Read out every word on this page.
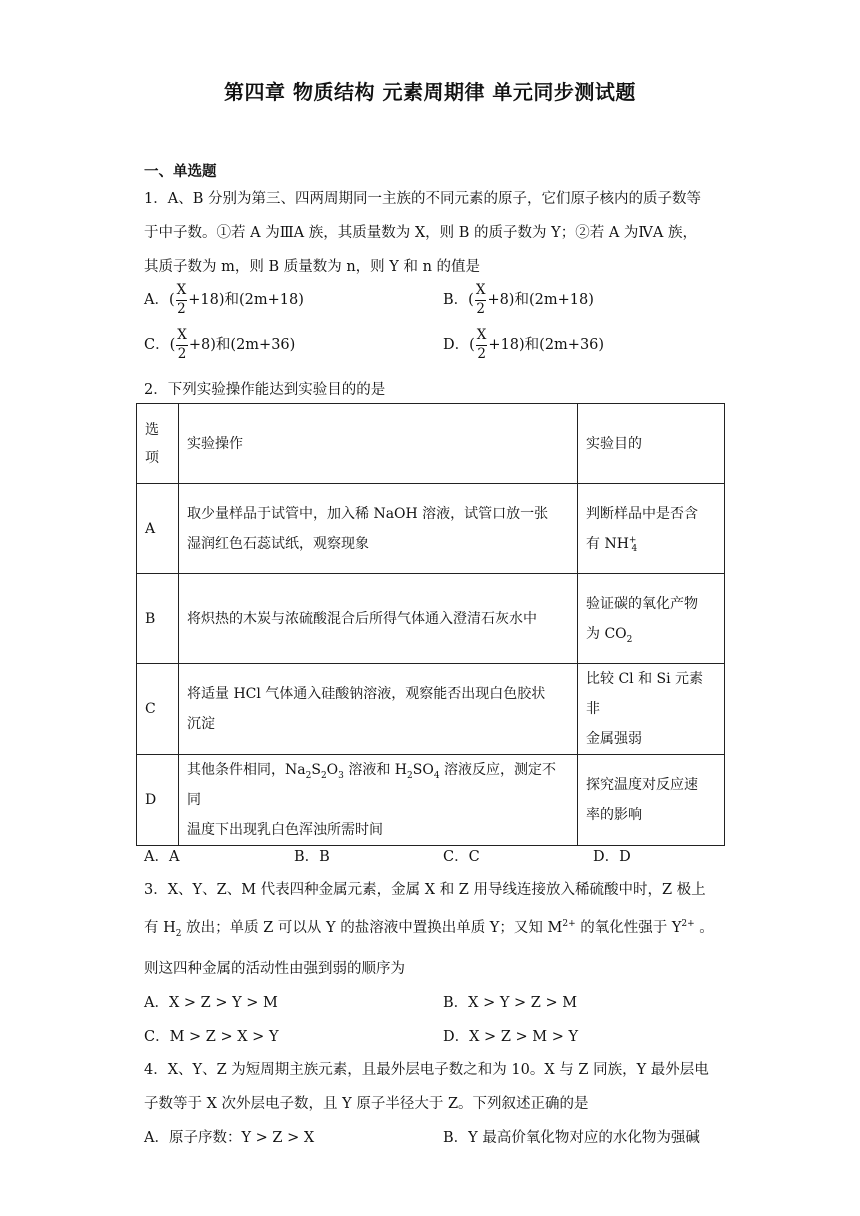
第四章 物质结构 元素周期律 单元同步测试题
一、单选题
1．A、B 分别为第三、四两周期同一主族的不同元素的原子，它们原子核内的质子数等
于中子数。①若 A 为ⅢA 族，其质量数为 X，则 B 的质子数为 Y；②若 A 为ⅣA 族，
其质子数为 m，则 B 质量数为 n，则 Y 和 n 的值是
A．( $\frac{X}{2} +18$)和(2m+18)	B．( $\frac{X}{2} +8$)和(2m+18)
C．( $\frac{X}{2} +8$)和(2m+36)	D．( $\frac{X}{2} +18$)和(2m+36)
2．下列实验操作能达到实验目的的是
选
项	实验操作	实验目的
A	取少量样品于试管中，加入稀 NaOH 溶液，试管口放一张
湿润红色石蕊试纸，观察现象	判断样品中是否含
有 $NH^+_4$
B	将炽热的木炭与浓硫酸混合后所得气体通入澄清石灰水中	验证碳的氧化产物
为 $CO_2$
C	将适量 HCl 气体通入硅酸钠溶液，观察能否出现白色胶状
沉淀	比较 Cl 和 Si 元素非
金属强弱
D	其他条件相同，$Na_2S_2O_3$ 溶液和 $H_2SO_4$ 溶液反应，测定不同
温度下出现乳白色浑浊所需时间	探究温度对反应速
率的影响
A．A	B．B	C．C	D．D
3．X、Y、Z、M 代表四种金属元素，金属 X 和 Z 用导线连接放入稀硫酸中时，Z 极上
有 $H_2$ 放出；单质 Z 可以从 Y 的盐溶液中置换出单质 Y；又知 $M^{2+}$ 的氧化性强于 $Y^{2+}$ 。
则这四种金属的活动性由强到弱的顺序为
A．X > Z > Y > M	B．X > Y > Z > M
C．M > Z > X > Y	D．X > Z > M > Y
4．X、Y、Z 为短周期主族元素，且最外层电子数之和为 10。X 与 Z 同族，Y 最外层电
子数等于 X 次外层电子数，且 Y 原子半径大于 Z。下列叙述正确的是
A．原子序数：Y > Z > X	B．Y 最高价氧化物对应的水化物为强碱
